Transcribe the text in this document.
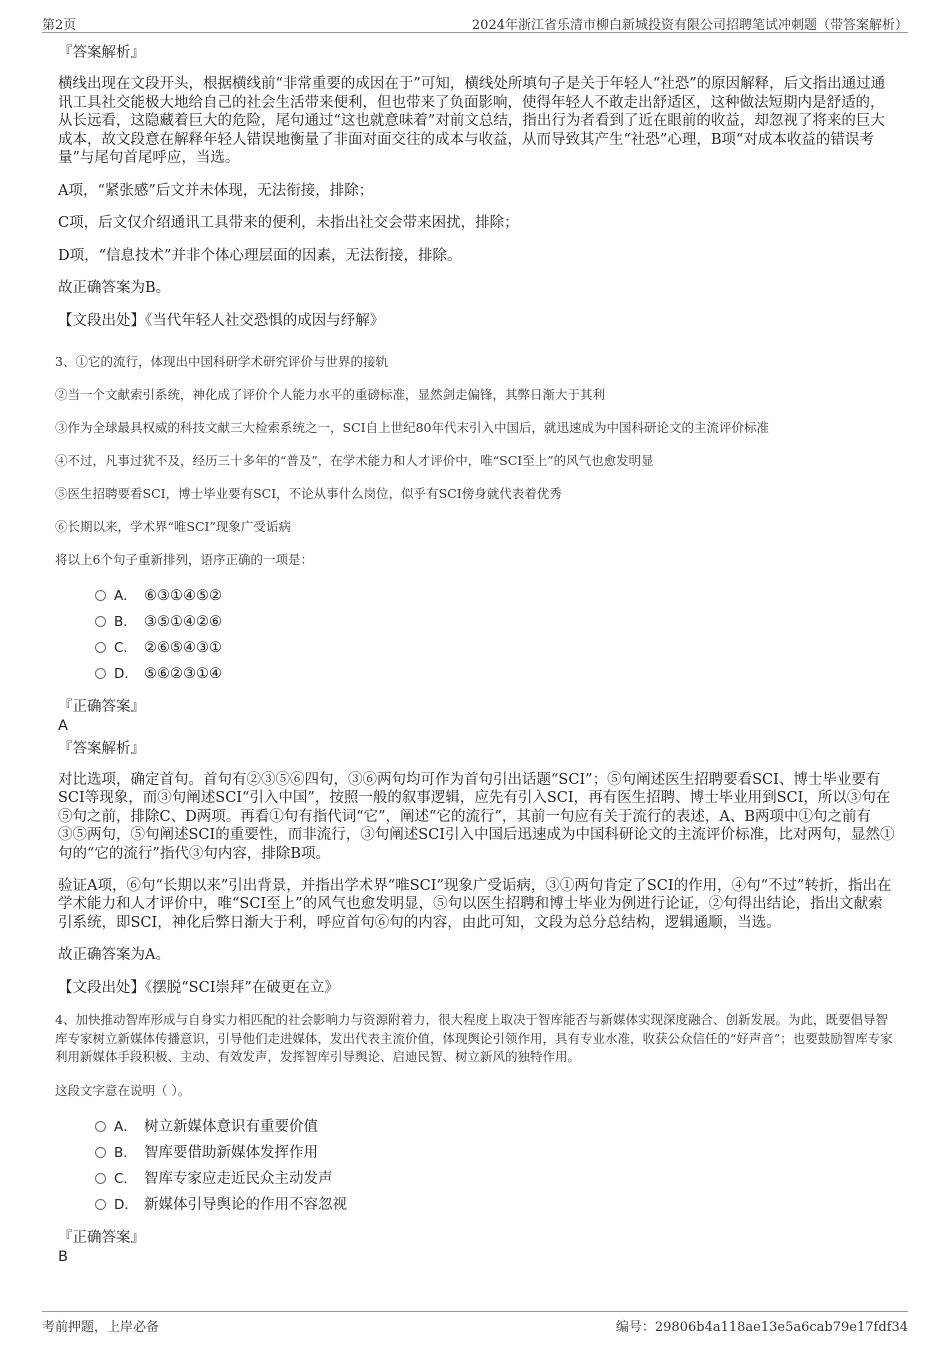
第2页	2024年浙江省乐清市柳白新城投资有限公司招聘笔试冲刺题（带答案解析）
『答案解析』
横线出现在文段开头，根据横线前“非常重要的成因在于”可知，横线处所填句子是关于年轻人“社恐”的原因解释，后文指出通过通讯工具社交能极大地给自己的社会生活带来便利，但也带来了负面影响，使得年轻人不敢走出舒适区，这种做法短期内是舒适的，从长远看，这隐藏着巨大的危险，尾句通过“这也就意味着”对前文总结，指出行为者看到了近在眼前的收益，却忽视了将来的巨大成本，故文段意在解释年轻人错误地衡量了非面对面交往的成本与收益，从而导致其产生“社恐”心理，B项“对成本收益的错误考量”与尾句首尾呼应，当选。
A项，“紧张感”后文并未体现，无法衔接，排除；
C项，后文仅介绍通讯工具带来的便利，未指出社交会带来困扰，排除；
D项，“信息技术”并非个体心理层面的因素，无法衔接，排除。
故正确答案为B。
【文段出处】《当代年轻人社交恐惧的成因与纾解》
3、①它的流行，体现出中国科研学术研究评价与世界的接轨
②当一个文献索引系统，神化成了评价个人能力水平的重磅标准，显然剑走偏锋，其弊日渐大于其利
③作为全球最具权威的科技文献三大检索系统之一，SCI自上世纪80年代末引入中国后，就迅速成为中国科研论文的主流评价标准
④不过，凡事过犹不及，经历三十多年的“普及”，在学术能力和人才评价中，唯“SCI至上”的风气也愈发明显
⑤医生招聘要看SCI，博士毕业要有SCI，不论从事什么岗位，似乎有SCI傍身就代表着优秀
⑥长期以来，学术界“唯SCI”现象广受诟病
将以上6个句子重新排列，语序正确的一项是：
A． ⑥③①④⑤②
B． ③⑤①④②⑥
C． ②⑥⑤④③①
D． ⑤⑥②③①④
『正确答案』
A
『答案解析』
对比选项，确定首句。首句有②③⑤⑥四句，③⑥两句均可作为首句引出话题“SCI”；⑤句阐述医生招聘要看SCI、博士毕业要有SCI等现象，而③句阐述SCI“引入中国”，按照一般的叙事逻辑，应先有引入SCI，再有医生招聘、博士毕业用到SCI，所以③句在⑤句之前，排除C、D两项。再看①句有指代词“它”，阐述“它的流行”，其前一句应有关于流行的表述，A、B两项中①句之前有③⑤两句，⑤句阐述SCI的重要性，而非流行，③句阐述SCI引入中国后迅速成为中国科研论文的主流评价标准，比对两句，显然①句的“它的流行”指代③句内容，排除B项。
验证A项，⑥句“长期以来”引出背景，并指出学术界“唯SCI”现象广受诟病，③①两句肯定了SCI的作用，④句“不过”转折，指出在学术能力和人才评价中，唯“SCI至上”的风气也愈发明显，⑤句以医生招聘和博士毕业为例进行论证，②句得出结论，指出文献索引系统，即SCI，神化后弊日渐大于利，呼应首句⑥句的内容，由此可知，文段为总分总结构，逻辑通顺，当选。
故正确答案为A。
【文段出处】《摆脱“SCI崇拜”在破更在立》
4、加快推动智库形成与自身实力相匹配的社会影响力与资源附着力，很大程度上取决于智库能否与新媒体实现深度融合、创新发展。为此，既要倡导智库专家树立新媒体传播意识，引导他们走进媒体，发出代表主流价值，体现舆论引领作用，具有专业水准，收获公众信任的“好声音”；也要鼓励智库专家利用新媒体手段积极、主动、有效发声，发挥智库引导舆论、启迪民智、树立新风的独特作用。
这段文字意在说明（ ）。
A． 树立新媒体意识有重要价值
B． 智库要借助新媒体发挥作用
C． 智库专家应走近民众主动发声
D． 新媒体引导舆论的作用不容忽视
『正确答案』
B
考前押题，上岸必备	编号：29806b4a118ae13e5a6cab79e17fdf34
